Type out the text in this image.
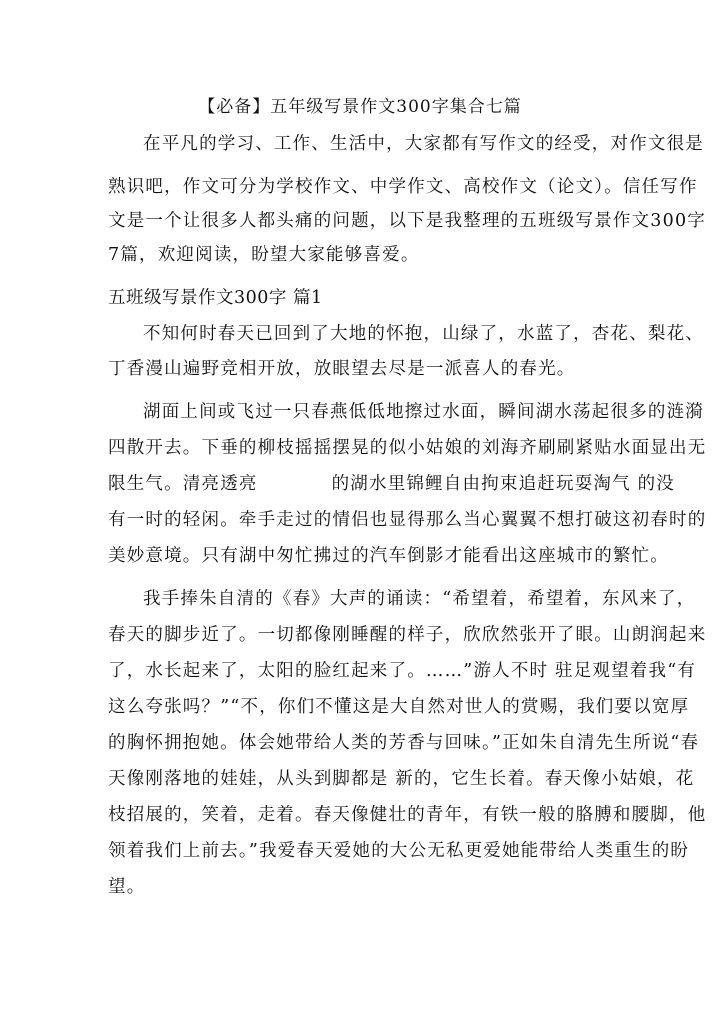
【必备】五年级写景作文300字集合七篇
在平凡的学习、工作、生活中，大家都有写作文的经受，对作文很是
熟识吧，作文可分为学校作文、中学作文、高校作文（论文）。信任写作
文是一个让很多人都头痛的问题，以下是我整理的五班级写景作文300字
7篇，欢迎阅读，盼望大家能够喜爱。
五班级写景作文300字 篇1
不知何时春天已回到了大地的怀抱，山绿了，水蓝了，杏花、梨花、
丁香漫山遍野竞相开放，放眼望去尽是一派喜人的春光。
湖面上间或飞过一只春燕低低地擦过水面，瞬间湖水荡起很多的涟漪
四散开去。下垂的柳枝摇摇摆晃的似小姑娘的刘海齐刷刷紧贴水面显出无
限生气。清亮透亮	的湖水里锦鲤自由拘束追赶玩耍淘气 的没
有一时的轻闲。牵手走过的情侣也显得那么当心翼翼不想打破这初春时的
美妙意境。只有湖中匆忙拂过的汽车倒影才能看出这座城市的繁忙。
我手捧朱自清的《春》大声的诵读：“希望着，希望着，东风来了，
春天的脚步近了。一切都像刚睡醒的样子，欣欣然张开了眼。山朗润起来
了，水长起来了，太阳的脸红起来了。……”游人不时 驻足观望着我“有
这么夸张吗？”“不，你们不懂这是大自然对世人的赏赐，我们要以宽厚
的胸怀拥抱她。体会她带给人类的芳香与回味。”正如朱自清先生所说“春
天像刚落地的娃娃，从头到脚都是 新的，它生长着。春天像小姑娘，花
枝招展的，笑着，走着。春天像健壮的青年，有铁一般的胳膊和腰脚，他
领着我们上前去。”我爱春天爱她的大公无私更爱她能带给人类重生的盼
望。
